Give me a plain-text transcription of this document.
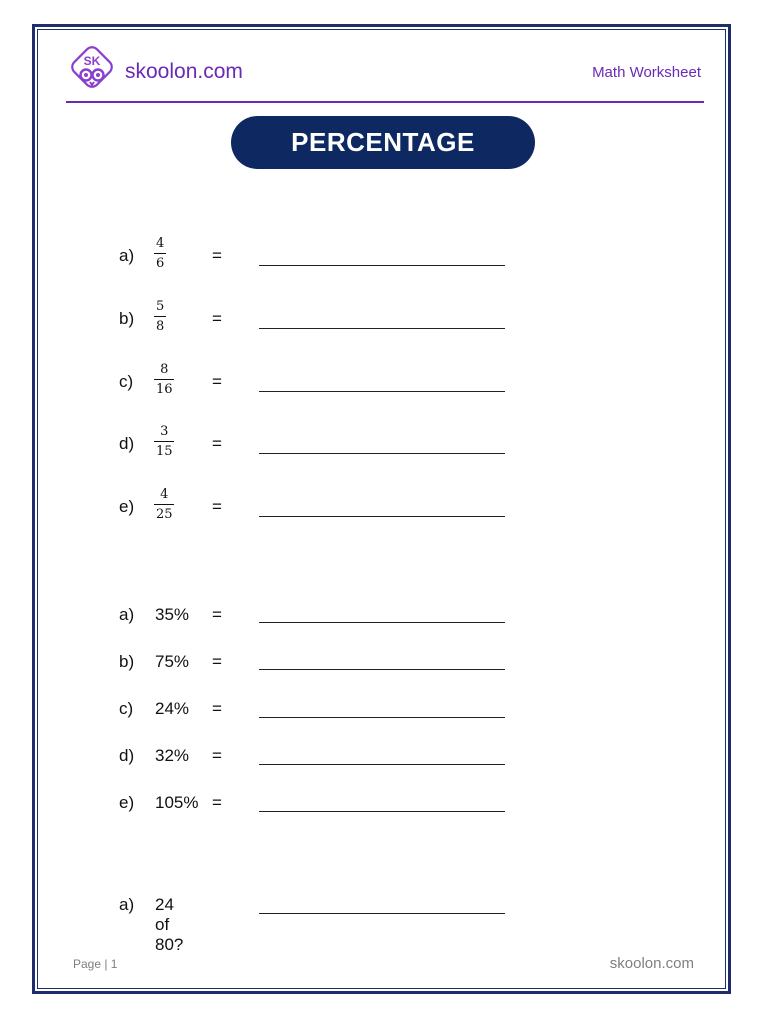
SK skoolon.com	Math Worksheet
PERCENTAGE
a)
4
6	=
b)
5
8	=
c)
8
16 =
d)
3
15 =
e)
4
25 =
a)	35% =
b)	75% =
c)	24% =
d)	32% =
e)	105% =
a)	24 of 80?
Page | 1	skoolon.com
